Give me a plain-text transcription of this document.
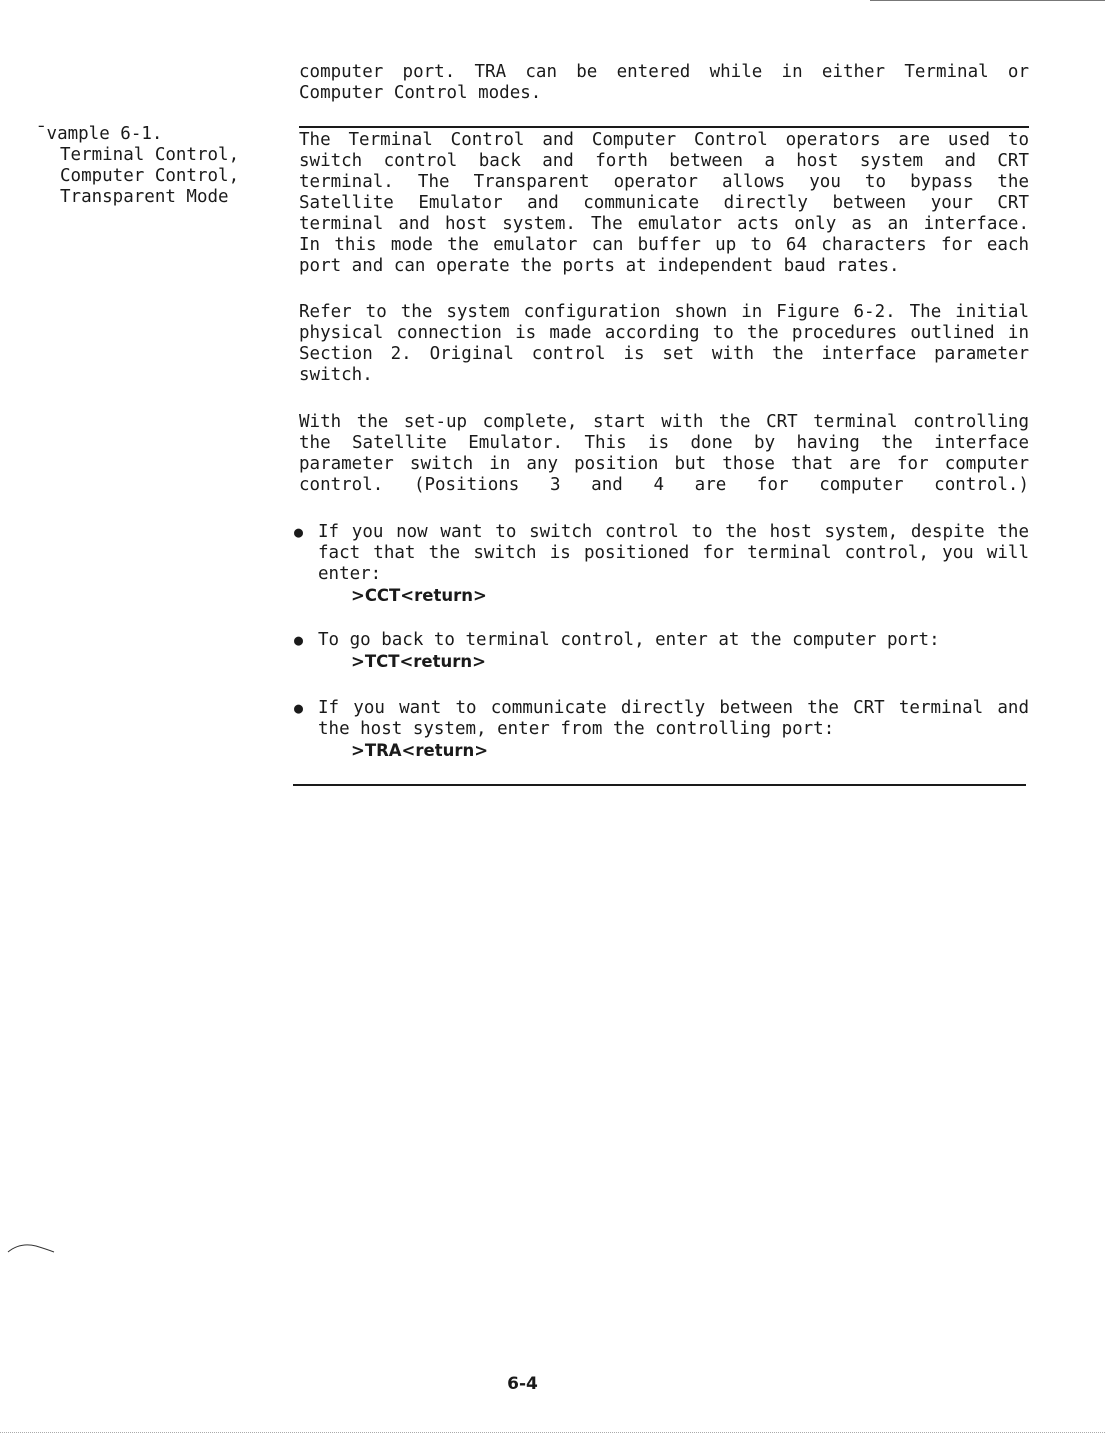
computer port. TRA can be entered while in either Terminal or

Computer Control modes.

¯vample 6-1.
Terminal Control,
Computer Control,
Transparent Mode

The Terminal Control and Computer Control operators are used to

switch control back and forth between a host system and CRT

terminal. The Transparent operator allows you to bypass the

Satellite Emulator and communicate directly between your CRT

terminal and host system. The emulator acts only as an interface.

In this mode the emulator can buffer up to 64 characters for each

port and can operate the ports at independent baud rates.

Refer to the system configuration shown in Figure 6-2. The initial

physical connection is made according to the procedures outlined in

Section 2. Original control is set with the interface parameter

switch.

With the set-up complete, start with the CRT terminal controlling

the Satellite Emulator. This is done by having the interface

parameter switch in any position but those that are for computer

control. (Positions 3 and 4 are for computer control.)

● If you now want to switch control to the host system, despite the

fact that the switch is positioned for terminal control, you will

enter:

>CCT<return>
● To go back to terminal control, enter at the computer port:

>TCT<return>
● If you want to communicate directly between the CRT terminal and

the host system, enter from the controlling port:

>TRA<return>
6-4
